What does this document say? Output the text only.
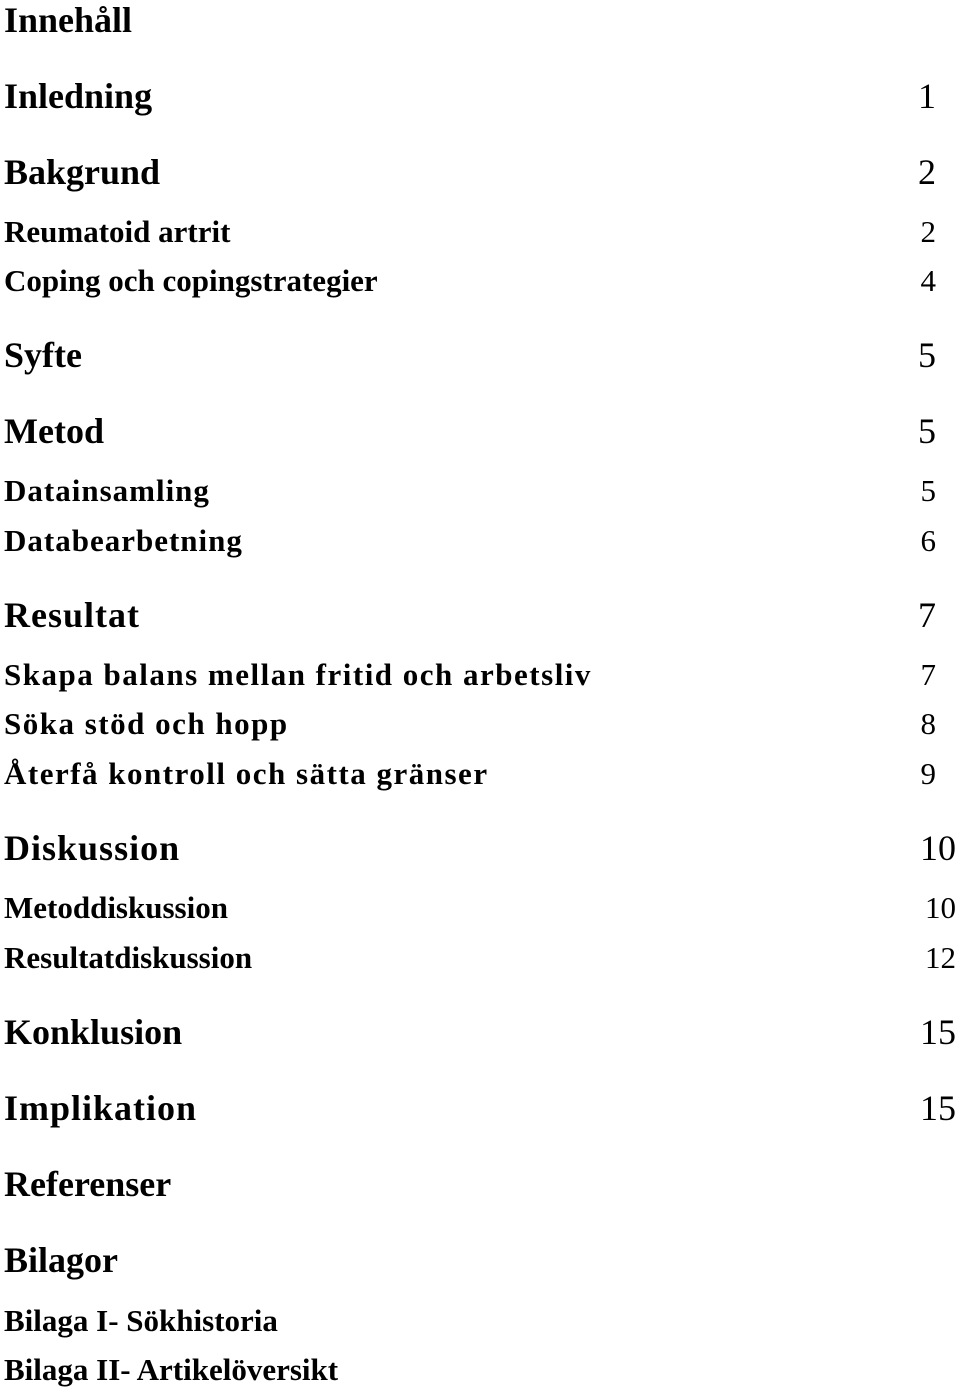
Innehåll
Inledning	1
Bakgrund	2
Reumatoid artrit	2
Coping och copingstrategier	4
Syfte	5
Metod	5
Datainsamling	5
Databearbetning	6
Resultat	7
Skapa balans mellan fritid och arbetsliv	7
Söka stöd och hopp	8
Återfå kontroll och sätta gränser	9
Diskussion	10
Metoddiskussion	10
Resultatdiskussion	12
Konklusion	15
Implikation	15
Referenser
Bilagor
Bilaga I- Sökhistoria
Bilaga II- Artikelöversikt
